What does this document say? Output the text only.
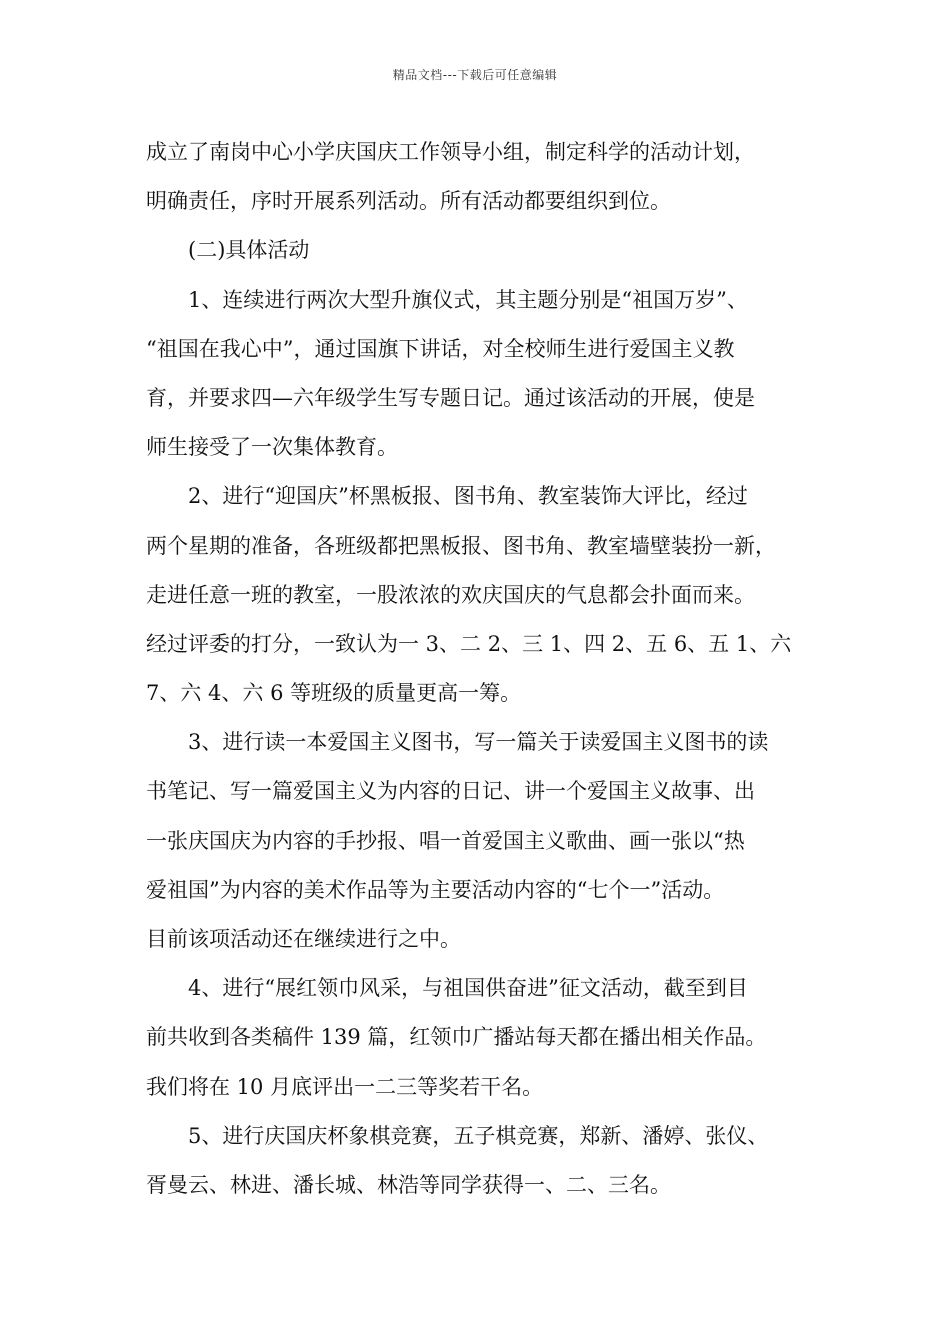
精品文档---下载后可任意编辑
成立了南岗中心小学庆国庆工作领导小组，制定科学的活动计划，
明确责任，序时开展系列活动。所有活动都要组织到位。
(二)具体活动
1、连续进行两次大型升旗仪式，其主题分别是“祖国万岁”、
“祖国在我心中”，通过国旗下讲话，对全校师生进行爱国主义教
育，并要求四—六年级学生写专题日记。通过该活动的开展，使是
师生接受了一次集体教育。
2、进行“迎国庆”杯黑板报、图书角、教室装饰大评比，经过
两个星期的准备，各班级都把黑板报、图书角、教室墙壁装扮一新，
走进任意一班的教室，一股浓浓的欢庆国庆的气息都会扑面而来。
经过评委的打分，一致认为一 3、二 2、三 1、四 2、五 6、五 1、六
7、六 4、六 6 等班级的质量更高一筹。
3、进行读一本爱国主义图书，写一篇关于读爱国主义图书的读
书笔记、写一篇爱国主义为内容的日记、讲一个爱国主义故事、出
一张庆国庆为内容的手抄报、唱一首爱国主义歌曲、画一张以“热
爱祖国”为内容的美术作品等为主要活动内容的“七个一”活动。
目前该项活动还在继续进行之中。
4、进行“展红领巾风采，与祖国供奋进”征文活动，截至到目
前共收到各类稿件 139 篇，红领巾广播站每天都在播出相关作品。
我们将在 10 月底评出一二三等奖若干名。
5、进行庆国庆杯象棋竞赛，五子棋竞赛，郑新、潘婷、张仪、
胥曼云、林进、潘长城、林浩等同学获得一、二、三名。
